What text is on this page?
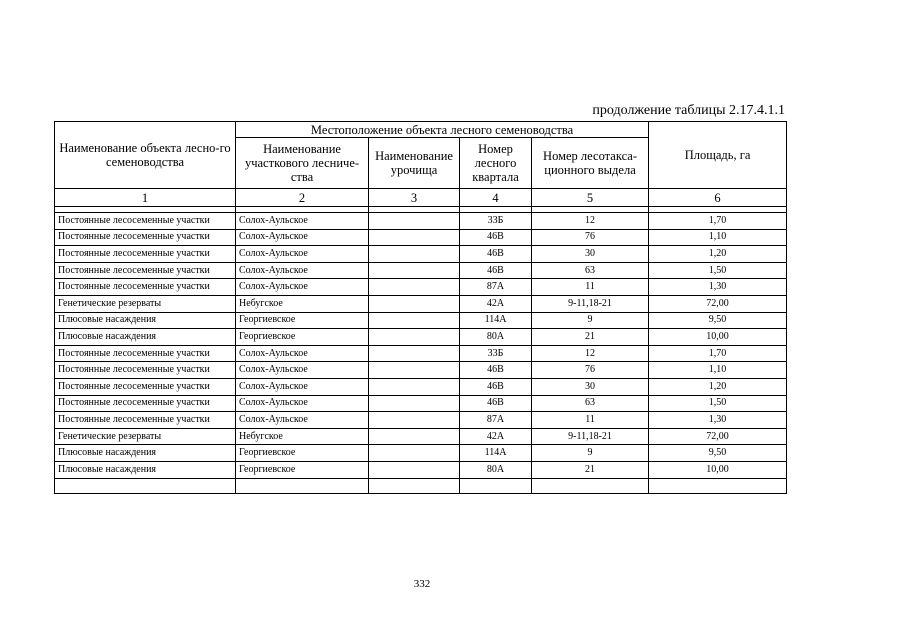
продолжение таблицы 2.17.4.1.1
Наименование объекта лесно-го семеноводства	Местоположение объекта лесного семеноводства				Площадь, га
	Наименование участкового лесниче-ства	Наименование урочища	Номер лесного квартала	Номер лесотакса-ционного выдела	
1	2	3	4	5	6

Постоянные лесосеменные участки	Солох-Аульское		33Б	12	1,70
Постоянные лесосеменные участки	Солох-Аульское		46В	76	1,10
Постоянные лесосеменные участки	Солох-Аульское		46В	30	1,20
Постоянные лесосеменные участки	Солох-Аульское		46В	63	1,50
Постоянные лесосеменные участки	Солох-Аульское		87А	11	1,30
Генетические резерваты	Небугское		42А	9-11,18-21	72,00
Плюсовые насаждения	Георгиевское		114А	9	9,50
Плюсовые насаждения	Георгиевское		80А	21	10,00
Постоянные лесосеменные участки	Солох-Аульское		33Б	12	1,70
Постоянные лесосеменные участки	Солох-Аульское		46В	76	1,10
Постоянные лесосеменные участки	Солох-Аульское		46В	30	1,20
Постоянные лесосеменные участки	Солох-Аульское		46В	63	1,50
Постоянные лесосеменные участки	Солох-Аульское		87А	11	1,30
Генетические резерваты	Небугское		42А	9-11,18-21	72,00
Плюсовые насаждения	Георгиевское		114А	9	9,50
Плюсовые насаждения	Георгиевское		80А	21	10,00

332
